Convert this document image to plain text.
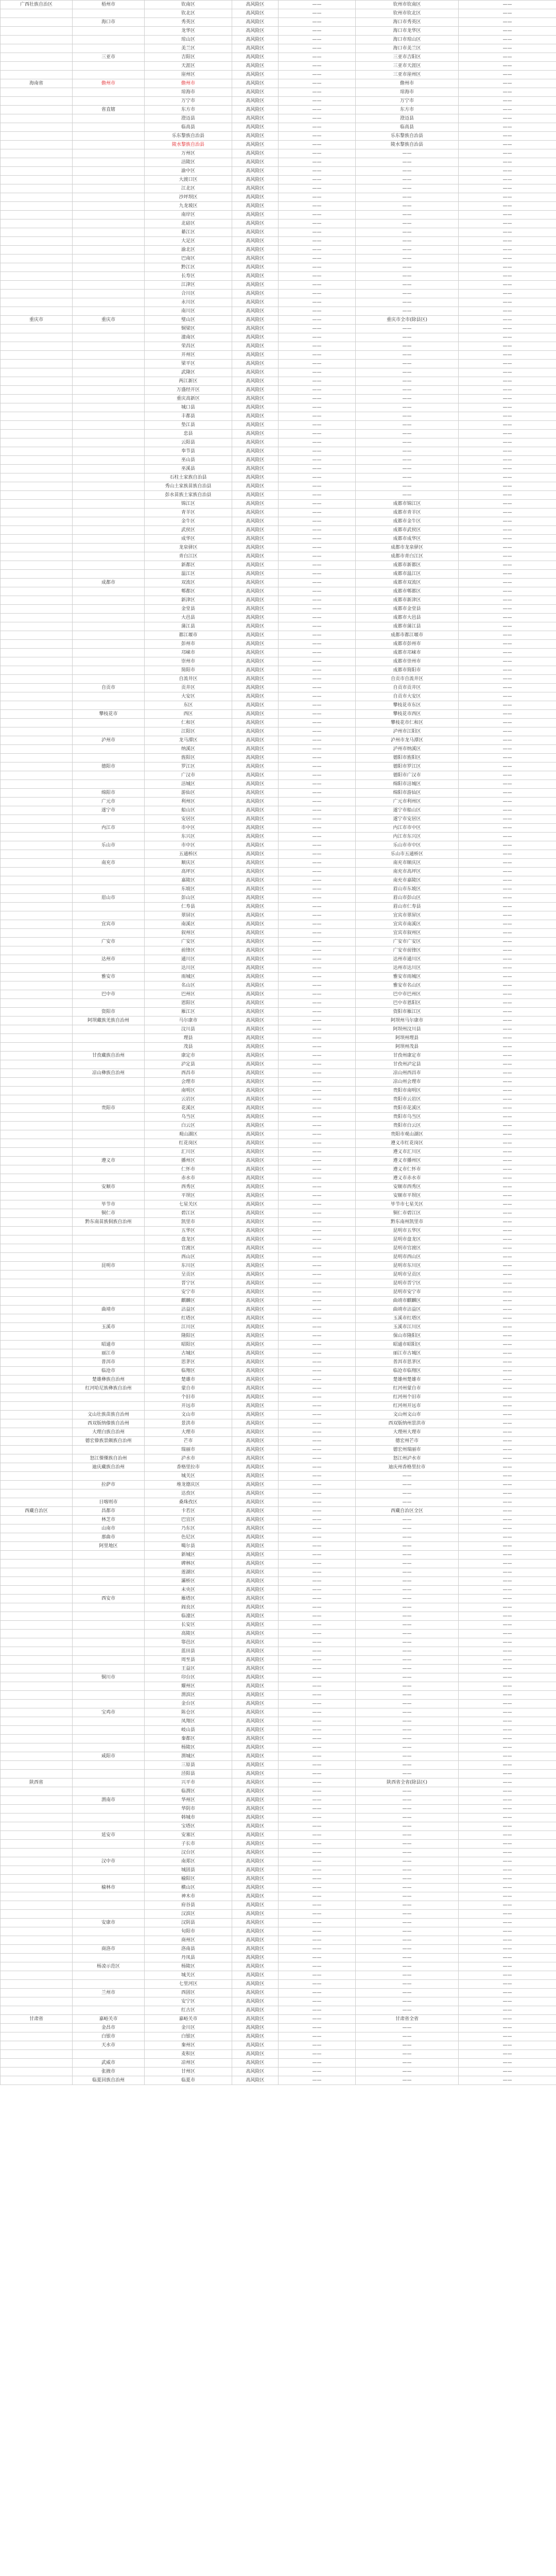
广西壮族自治区	梧州市	钦南区	高风险区	——	钦州市钦南区	——
		钦北区	高风险区	——	钦州市钦北区	——
	海口市	秀英区	高风险区	——	海口市秀英区	——
		龙华区	高风险区	——	海口市龙华区	——
		琼山区	高风险区	——	海口市琼山区	——
		美兰区	高风险区	——	海口市美兰区	——
	三亚市	吉阳区	高风险区	——	三亚市吉阳区	——
		天涯区	高风险区	——	三亚市天涯区	——
		崖州区	高风险区	——	三亚市崖州区	——
海南省	儋州市	儋州市	高风险区	——	儋州市	——
		琼海市	高风险区	——	琼海市	——
		万宁市	高风险区	——	万宁市	——
	省直辖	东方市	高风险区	——	东方市	——
		澄迈县	高风险区	——	澄迈县	——
		临高县	高风险区	——	临高县	——
		乐东黎族自治县	高风险区	——	乐东黎族自治县	——
		陵水黎族自治县	高风险区	——	陵水黎族自治县	——
		万州区	高风险区	——	——	——
		涪陵区	高风险区	——	——	——
		渝中区	高风险区	——	——	——
		大渡口区	高风险区	——	——	——
		江北区	高风险区	——	——	——
		沙坪坝区	高风险区	——	——	——
		九龙坡区	高风险区	——	——	——
		南岸区	高风险区	——	——	——
		北碚区	高风险区	——	——	——
		綦江区	高风险区	——	——	——
		大足区	高风险区	——	——	——
		渝北区	高风险区	——	——	——
		巴南区	高风险区	——	——	——
		黔江区	高风险区	——	——	——
		长寿区	高风险区	——	——	——
		江津区	高风险区	——	——	——
		合川区	高风险区	——	——	——
		永川区	高风险区	——	——	——
		南川区	高风险区	——	——	——
重庆市	重庆市	璧山区	高风险区	——	重庆市全市(除县区)	——
		铜梁区	高风险区	——	——	——
		潼南区	高风险区	——	——	——
		荣昌区	高风险区	——	——	——
		开州区	高风险区	——	——	——
		梁平区	高风险区	——	——	——
		武隆区	高风险区	——	——	——
		两江新区	高风险区	——	——	——
		万盛经开区	高风险区	——	——	——
		重庆高新区	高风险区	——	——	——
		城口县	高风险区	——	——	——
		丰都县	高风险区	——	——	——
		垫江县	高风险区	——	——	——
		忠县	高风险区	——	——	——
		云阳县	高风险区	——	——	——
		奉节县	高风险区	——	——	——
		巫山县	高风险区	——	——	——
		巫溪县	高风险区	——	——	——
		石柱土家族自治县	高风险区	——	——	——
		秀山土家族苗族自治县	高风险区	——	——	——
		彭水苗族土家族自治县	高风险区	——	——	——
		锦江区	高风险区	——	成都市锦江区	——
		青羊区	高风险区	——	成都市青羊区	——
		金牛区	高风险区	——	成都市金牛区	——
		武侯区	高风险区	——	成都市武侯区	——
		成华区	高风险区	——	成都市成华区	——
		龙泉驿区	高风险区	——	成都市龙泉驿区	——
		青白江区	高风险区	——	成都市青白江区	——
		新都区	高风险区	——	成都市新都区	——
		温江区	高风险区	——	成都市温江区	——
	成都市	双流区	高风险区	——	成都市双流区	——
		郫都区	高风险区	——	成都市郫都区	——
		新津区	高风险区	——	成都市新津区	——
		金堂县	高风险区	——	成都市金堂县	——
		大邑县	高风险区	——	成都市大邑县	——
		蒲江县	高风险区	——	成都市蒲江县	——
		都江堰市	高风险区	——	成都市都江堰市	——
		彭州市	高风险区	——	成都市彭州市	——
		邛崃市	高风险区	——	成都市邛崃市	——
		崇州市	高风险区	——	成都市崇州市	——
		简阳市	高风险区	——	成都市简阳市	——
		自流井区	高风险区	——	自贡市自流井区	——
	自贡市	贡井区	高风险区	——	自贡市贡井区	——
		大安区	高风险区	——	自贡市大安区	——
		东区	高风险区	——	攀枝花市东区	——
	攀枝花市	西区	高风险区	——	攀枝花市西区	——
		仁和区	高风险区	——	攀枝花市仁和区	——
		江阳区	高风险区	——	泸州市江阳区	——
	泸州市	龙马潭区	高风险区	——	泸州市龙马潭区	——
		纳溪区	高风险区	——	泸州市纳溪区	——
		旌阳区	高风险区	——	德阳市旌阳区	——
	德阳市	罗江区	高风险区	——	德阳市罗江区	——
		广汉市	高风险区	——	德阳市广汉市	——
		涪城区	高风险区	——	绵阳市涪城区	——
	绵阳市	游仙区	高风险区	——	绵阳市游仙区	——
	广元市	利州区	高风险区	——	广元市利州区	——
	遂宁市	船山区	高风险区	——	遂宁市船山区	——
		安居区	高风险区	——	遂宁市安居区	——
	内江市	市中区	高风险区	——	内江市市中区	——
		东兴区	高风险区	——	内江市东兴区	——
	乐山市	市中区	高风险区	——	乐山市市中区	——
		五通桥区	高风险区	——	乐山市五通桥区	——
	南充市	顺庆区	高风险区	——	南充市顺庆区	——
		高坪区	高风险区	——	南充市高坪区	——
		嘉陵区	高风险区	——	南充市嘉陵区	——
		东坡区	高风险区	——	眉山市东坡区	——
	眉山市	彭山区	高风险区	——	眉山市彭山区	——
		仁寿县	高风险区	——	眉山市仁寿县	——
		翠屏区	高风险区	——	宜宾市翠屏区	——
	宜宾市	南溪区	高风险区	——	宜宾市南溪区	——
		叙州区	高风险区	——	宜宾市叙州区	——
	广安市	广安区	高风险区	——	广安市广安区	——
		前锋区	高风险区	——	广安市前锋区	——
	达州市	通川区	高风险区	——	达州市通川区	——
		达川区	高风险区	——	达州市达川区	——
	雅安市	雨城区	高风险区	——	雅安市雨城区	——
		名山区	高风险区	——	雅安市名山区	——
	巴中市	巴州区	高风险区	——	巴中市巴州区	——
		恩阳区	高风险区	——	巴中市恩阳区	——
	资阳市	雁江区	高风险区	——	资阳市雁江区	——
	阿坝藏族羌族自治州	马尔康市	高风险区	——	阿坝州马尔康市	——
		汶川县	高风险区	——	阿坝州汶川县	——
		理县	高风险区	——	阿坝州理县	——
		茂县	高风险区	——	阿坝州茂县	——
	甘孜藏族自治州	康定市	高风险区	——	甘孜州康定市	——
		泸定县	高风险区	——	甘孜州泸定县	——
	凉山彝族自治州	西昌市	高风险区	——	凉山州西昌市	——
		会理市	高风险区	——	凉山州会理市	——
		南明区	高风险区	——	贵阳市南明区	——
		云岩区	高风险区	——	贵阳市云岩区	——
	贵阳市	花溪区	高风险区	——	贵阳市花溪区	——
		乌当区	高风险区	——	贵阳市乌当区	——
		白云区	高风险区	——	贵阳市白云区	——
		观山湖区	高风险区	——	贵阳市观山湖区	——
		红花岗区	高风险区	——	遵义市红花岗区	——
		汇川区	高风险区	——	遵义市汇川区	——
	遵义市	播州区	高风险区	——	遵义市播州区	——
		仁怀市	高风险区	——	遵义市仁怀市	——
		赤水市	高风险区	——	遵义市赤水市	——
	安顺市	西秀区	高风险区	——	安顺市西秀区	——
		平坝区	高风险区	——	安顺市平坝区	——
	毕节市	七星关区	高风险区	——	毕节市七星关区	——
	铜仁市	碧江区	高风险区	——	铜仁市碧江区	——
	黔东南苗族侗族自治州	凯里市	高风险区	——	黔东南州凯里市	——
		五华区	高风险区	——	昆明市五华区	——
		盘龙区	高风险区	——	昆明市盘龙区	——
		官渡区	高风险区	——	昆明市官渡区	——
		西山区	高风险区	——	昆明市西山区	——
	昆明市	东川区	高风险区	——	昆明市东川区	——
		呈贡区	高风险区	——	昆明市呈贡区	——
		晋宁区	高风险区	——	昆明市晋宁区	——
		安宁市	高风险区	——	昆明市安宁市	——
		麒麟区	高风险区	——	曲靖市麒麟区	——
	曲靖市	沾益区	高风险区	——	曲靖市沾益区	——
		红塔区	高风险区	——	玉溪市红塔区	——
	玉溪市	江川区	高风险区	——	玉溪市江川区	——
		隆阳区	高风险区	——	保山市隆阳区	——
	昭通市	昭阳区	高风险区	——	昭通市昭阳区	——
	丽江市	古城区	高风险区	——	丽江市古城区	——
	普洱市	思茅区	高风险区	——	普洱市思茅区	——
	临沧市	临翔区	高风险区	——	临沧市临翔区	——
	楚雄彝族自治州	楚雄市	高风险区	——	楚雄州楚雄市	——
	红河哈尼族彝族自治州	蒙自市	高风险区	——	红河州蒙自市	——
		个旧市	高风险区	——	红河州个旧市	——
		开远市	高风险区	——	红河州开远市	——
	文山壮族苗族自治州	文山市	高风险区	——	文山州文山市	——
	西双版纳傣族自治州	景洪市	高风险区	——	西双版纳州景洪市	——
	大理白族自治州	大理市	高风险区	——	大理州大理市	——
	德宏傣族景颇族自治州	芒市	高风险区	——	德宏州芒市	——
		瑞丽市	高风险区	——	德宏州瑞丽市	——
	怒江傈僳族自治州	泸水市	高风险区	——	怒江州泸水市	——
	迪庆藏族自治州	香格里拉市	高风险区	——	迪庆州香格里拉市	——
		城关区	高风险区	——	——	——
	拉萨市	堆龙德庆区	高风险区	——	——	——
		达孜区	高风险区	——	——	——
	日喀则市	桑珠孜区	高风险区	——	——	——
西藏自治区	昌都市	卡若区	高风险区	——	西藏自治区全区	——
	林芝市	巴宜区	高风险区	——	——	——
	山南市	乃东区	高风险区	——	——	——
	那曲市	色尼区	高风险区	——	——	——
	阿里地区	噶尔县	高风险区	——	——	——
		新城区	高风险区	——	——	——
		碑林区	高风险区	——	——	——
		莲湖区	高风险区	——	——	——
		灞桥区	高风险区	——	——	——
		未央区	高风险区	——	——	——
	西安市	雁塔区	高风险区	——	——	——
		阎良区	高风险区	——	——	——
		临潼区	高风险区	——	——	——
		长安区	高风险区	——	——	——
		高陵区	高风险区	——	——	——
		鄠邑区	高风险区	——	——	——
		蓝田县	高风险区	——	——	——
		周至县	高风险区	——	——	——
		王益区	高风险区	——	——	——
	铜川市	印台区	高风险区	——	——	——
		耀州区	高风险区	——	——	——
		渭滨区	高风险区	——	——	——
		金台区	高风险区	——	——	——
	宝鸡市	陈仓区	高风险区	——	——	——
		凤翔区	高风险区	——	——	——
		岐山县	高风险区	——	——	——
		秦都区	高风险区	——	——	——
		杨陵区	高风险区	——	——	——
	咸阳市	渭城区	高风险区	——	——	——
		三原县	高风险区	——	——	——
		泾阳县	高风险区	——	——	——
陕西省		兴平市	高风险区	——	陕西省全省(除县区)	——
		临渭区	高风险区	——	——	——
	渭南市	华州区	高风险区	——	——	——
		华阴市	高风险区	——	——	——
		韩城市	高风险区	——	——	——
		宝塔区	高风险区	——	——	——
	延安市	安塞区	高风险区	——	——	——
		子长市	高风险区	——	——	——
		汉台区	高风险区	——	——	——
	汉中市	南郑区	高风险区	——	——	——
		城固县	高风险区	——	——	——
		榆阳区	高风险区	——	——	——
	榆林市	横山区	高风险区	——	——	——
		神木市	高风险区	——	——	——
		府谷县	高风险区	——	——	——
		汉滨区	高风险区	——	——	——
	安康市	汉阴县	高风险区	——	——	——
		旬阳市	高风险区	——	——	——
		商州区	高风险区	——	——	——
	商洛市	洛南县	高风险区	——	——	——
		丹凤县	高风险区	——	——	——
	杨凌示范区	杨陵区	高风险区	——	——	——
		城关区	高风险区	——	——	——
		七里河区	高风险区	——	——	——
	兰州市	西固区	高风险区	——	——	——
		安宁区	高风险区	——	——	——
		红古区	高风险区	——	——	——
甘肃省	嘉峪关市	嘉峪关市	高风险区	——	甘肃省全省	——
	金昌市	金川区	高风险区	——	——	——
	白银市	白银区	高风险区	——	——	——
	天水市	秦州区	高风险区	——	——	——
		麦积区	高风险区	——	——	——
	武威市	凉州区	高风险区	——	——	——
	张掖市	甘州区	高风险区	——	——	——
	临夏回族自治州	临夏市	高风险区	——	——	——
